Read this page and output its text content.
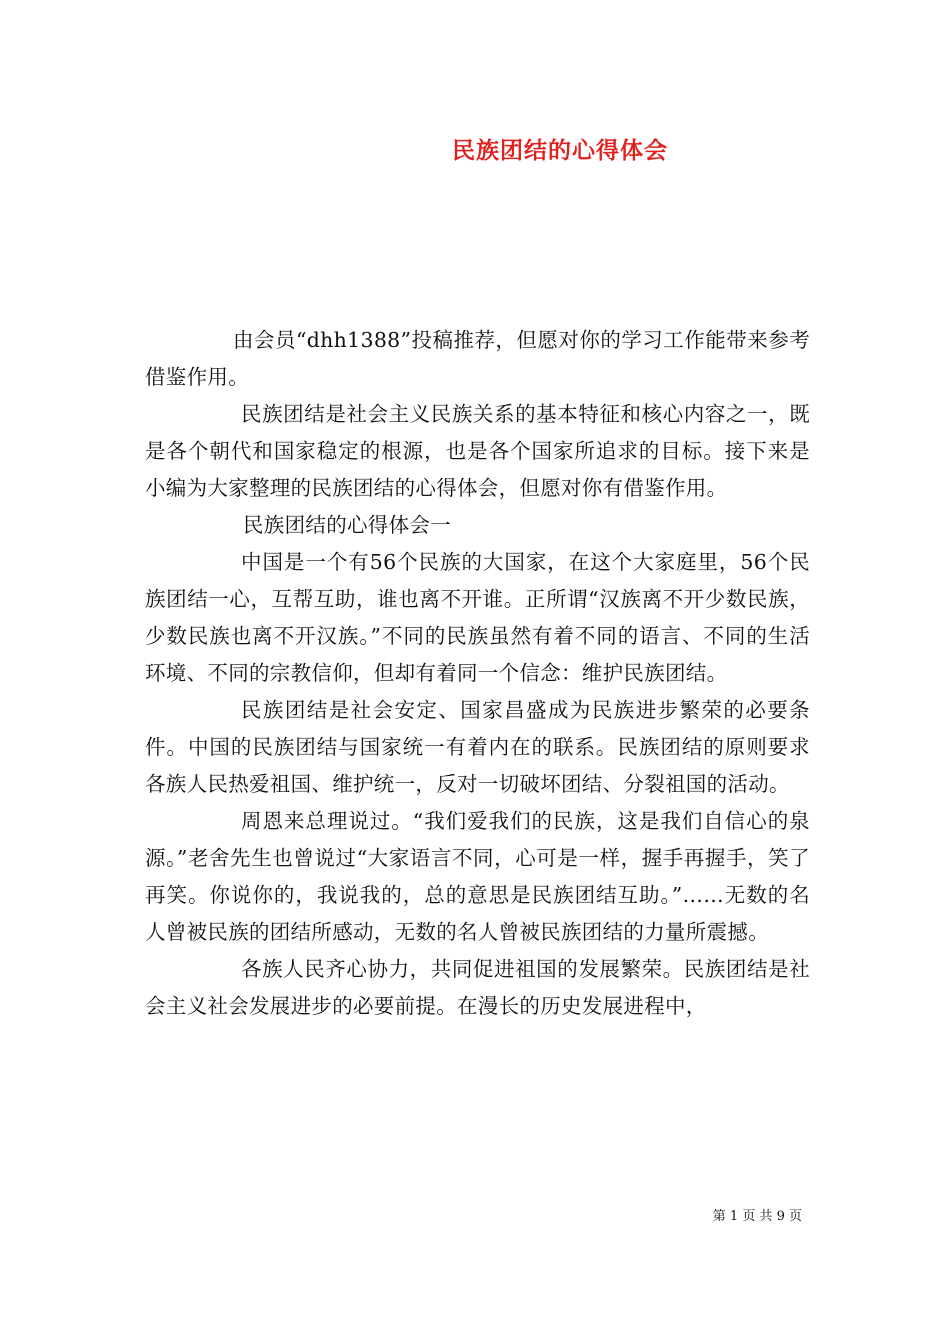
民族团结的心得体会

由会员“dhh1388”投稿推荐，但愿对你的学习工作能带来参考借鉴作用。

民族团结是社会主义民族关系的基本特征和核心内容之一，既是各个朝代和国家稳定的根源，也是各个国家所追求的目标。接下来是小编为大家整理的民族团结的心得体会，但愿对你有借鉴作用。

民族团结的心得体会一

中国是一个有56个民族的大国家，在这个大家庭里，56个民族团结一心，互帮互助，谁也离不开谁。正所谓“汉族离不开少数民族，少数民族也离不开汉族。”不同的民族虽然有着不同的语言、不同的生活环境、不同的宗教信仰，但却有着同一个信念：维护民族团结。

民族团结是社会安定、国家昌盛成为民族进步繁荣的必要条件。中国的民族团结与国家统一有着内在的联系。民族团结的原则要求各族人民热爱祖国、维护统一，反对一切破坏团结、分裂祖国的活动。

周恩来总理说过。“我们爱我们的民族，这是我们自信心的泉源。”老舍先生也曾说过“大家语言不同，心可是一样，握手再握手，笑了再笑。你说你的，我说我的，总的意思是民族团结互助。”……无数的名人曾被民族的团结所感动，无数的名人曾被民族团结的力量所震撼。

各族人民齐心协力，共同促进祖国的发展繁荣。民族团结是社会主义社会发展进步的必要前提。在漫长的历史发展进程中，

第 1 页 共 9 页
